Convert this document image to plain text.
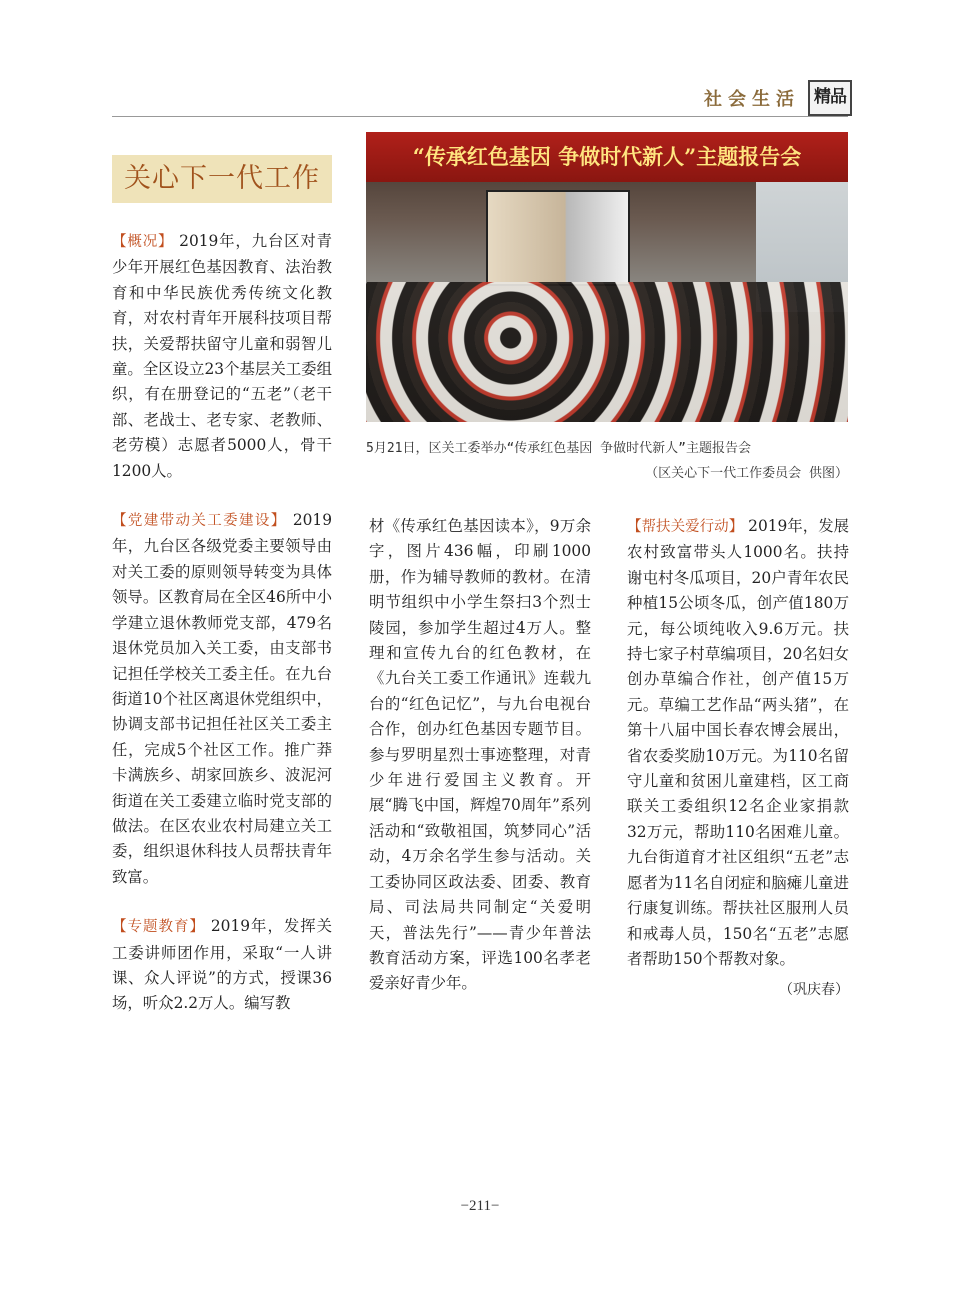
社会生活 精品
关心下一代工作

【概况】 2019年，九台区对青少年开展红色基因教育、法治教育和中华民族优秀传统文化教育，对农村青年开展科技项目帮扶，关爱帮扶留守儿童和弱智儿童。全区设立23个基层关工委组织，有在册登记的“五老”（老干部、老战士、老专家、老教师、老劳模）志愿者5000人，骨干1200人。

【党建带动关工委建设】 2019年，九台区各级党委主要领导由对关工委的原则领导转变为具体领导。区教育局在全区46所中小学建立退休教师党支部，479名退休党员加入关工委，由支部书记担任学校关工委主任。在九台街道10个社区离退休党组织中，协调支部书记担任社区关工委主任，完成5个社区工作。推广莽卡满族乡、胡家回族乡、波泥河街道在关工委建立临时党支部的做法。在区农业农村局建立关工委，组织退休科技人员帮扶青年致富。

【专题教育】 2019年，发挥关工委讲师团作用，采取“一人讲课、众人评说”的方式，授课36场，听众2.2万人。编写教

“传承红色基因 争做时代新人”主题报告会
5月21日，区关工委举办“传承红色基因 争做时代新人”主题报告会
（区关心下一代工作委员会 供图）

材《传承红色基因读本》，9万余字，图片436幅，印刷1000册，作为辅导教师的教材。在清明节组织中小学生祭扫3个烈士陵园，参加学生超过4万人。整理和宣传九台的红色教材，在《九台关工委工作通讯》连载九台的“红色记忆”，与九台电视台合作，创办红色基因专题节目。参与罗明星烈士事迹整理，对青少年进行爱国主义教育。开展“腾飞中国，辉煌70周年”系列活动和“致敬祖国，筑梦同心”活动，4万余名学生参与活动。关工委协同区政法委、团委、教育局、司法局共同制定“关爱明天，普法先行”——青少年普法教育活动方案，评选100名孝老爱亲好青少年。

【帮扶关爱行动】 2019年，发展农村致富带头人1000名。扶持谢屯村冬瓜项目，20户青年农民种植15公顷冬瓜，创产值180万元，每公顷纯收入9.6万元。扶持七家子村草编项目，20名妇女创办草编合作社，创产值15万元。草编工艺作品“两头猪”，在第十八届中国长春农博会展出，省农委奖励10万元。为110名留守儿童和贫困儿童建档，区工商联关工委组织12名企业家捐款32万元，帮助110名困难儿童。九台街道育才社区组织“五老”志愿者为11名自闭症和脑瘫儿童进行康复训练。帮扶社区服刑人员和戒毒人员，150名“五老”志愿者帮助150个帮教对象。

（巩庆春）
−211−
